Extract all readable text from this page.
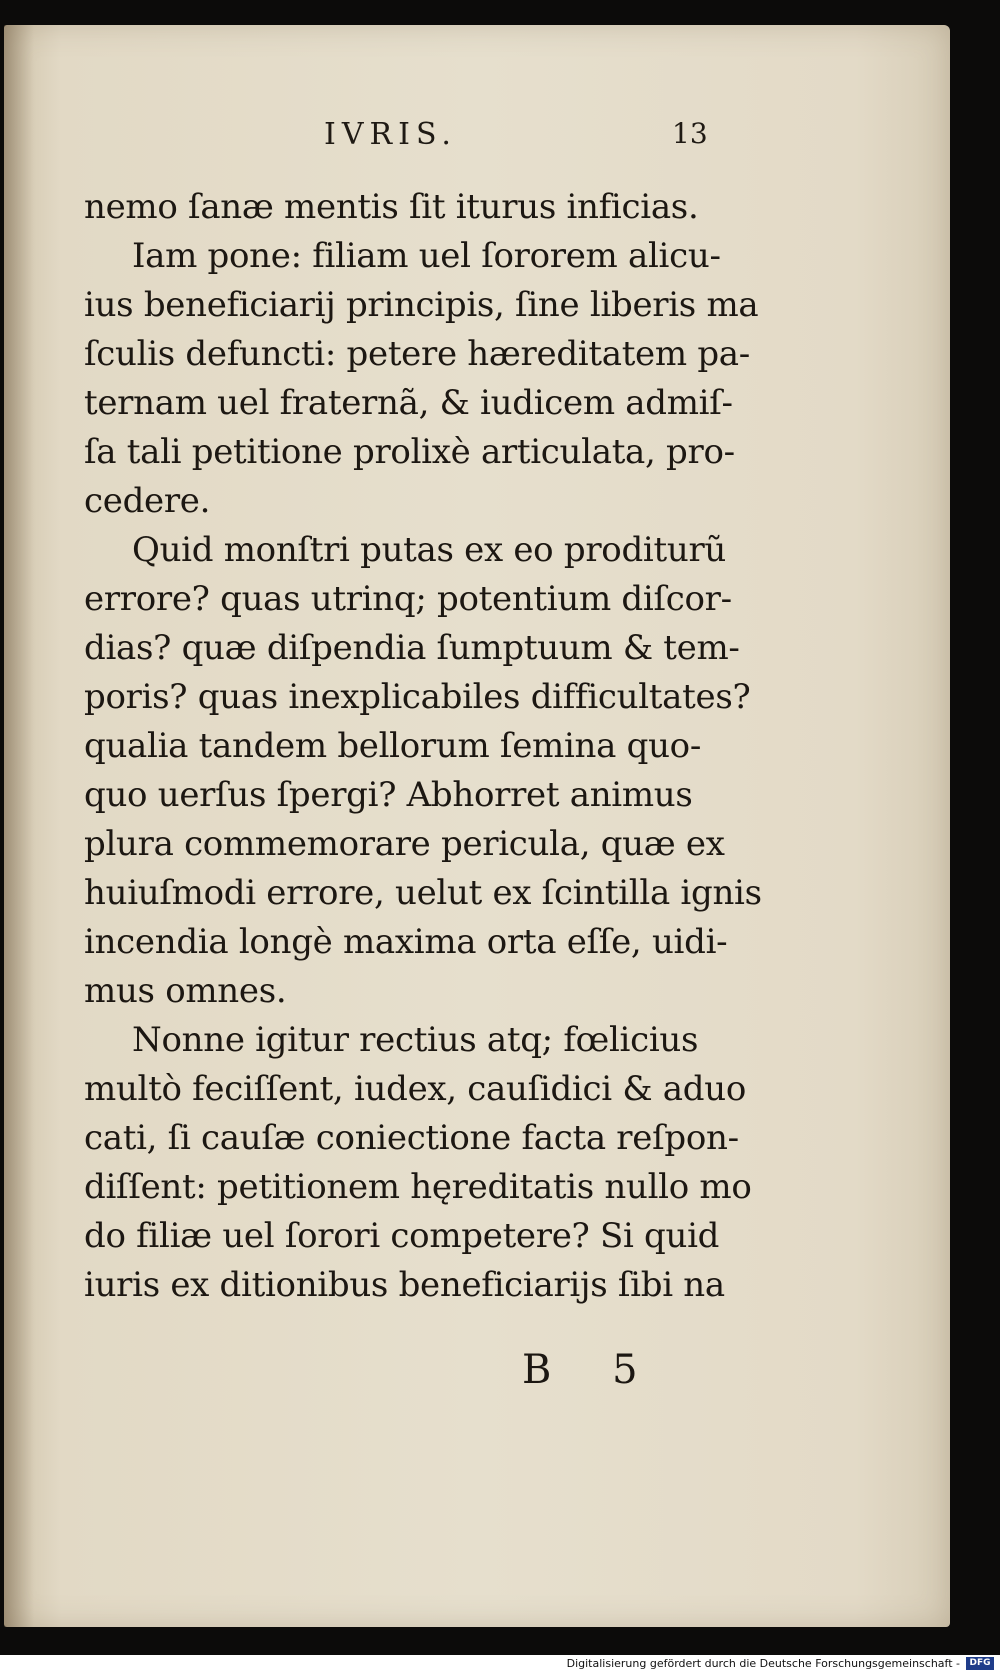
IVRIS.	13
nemo ſanæ mentis ſit iturus inficias.
Iam pone: filiam uel ſororem alicu-
ius beneficiarij principis, ſine liberis ma
ſculis defuncti: petere hæreditatem pa-
ternam uel fraternã, & iudicem admiſ-
ſa tali petitione prolixè articulata, pro-
cedere.
Quid monſtri putas ex eo proditurũ
errore? quas utrinq; potentium diſcor-
dias? quæ diſpendia ſumptuum & tem-
poris? quas inexplicabiles difficultates?
qualia tandem bellorum ſemina quo-
quo uerſus ſpergi? Abhorret animus
plura commemorare pericula, quæ ex
huiuſmodi errore, uelut ex ſcintilla ignis
incendia longè maxima orta eſſe, uidi-
mus omnes.
Nonne igitur rectius atq; fœlicius
multò feciſſent, iudex, cauſidici & aduo
cati, ſi cauſæ coniectione facta reſpon-
diſſent: petitionem hęreditatis nullo mo
do filiæ uel ſorori competere? Si quid
iuris ex ditionibus beneficiarijs ſibi na
B 5
Digitalisierung gefördert durch die Deutsche Forschungsgemeinschaft -	DFG
